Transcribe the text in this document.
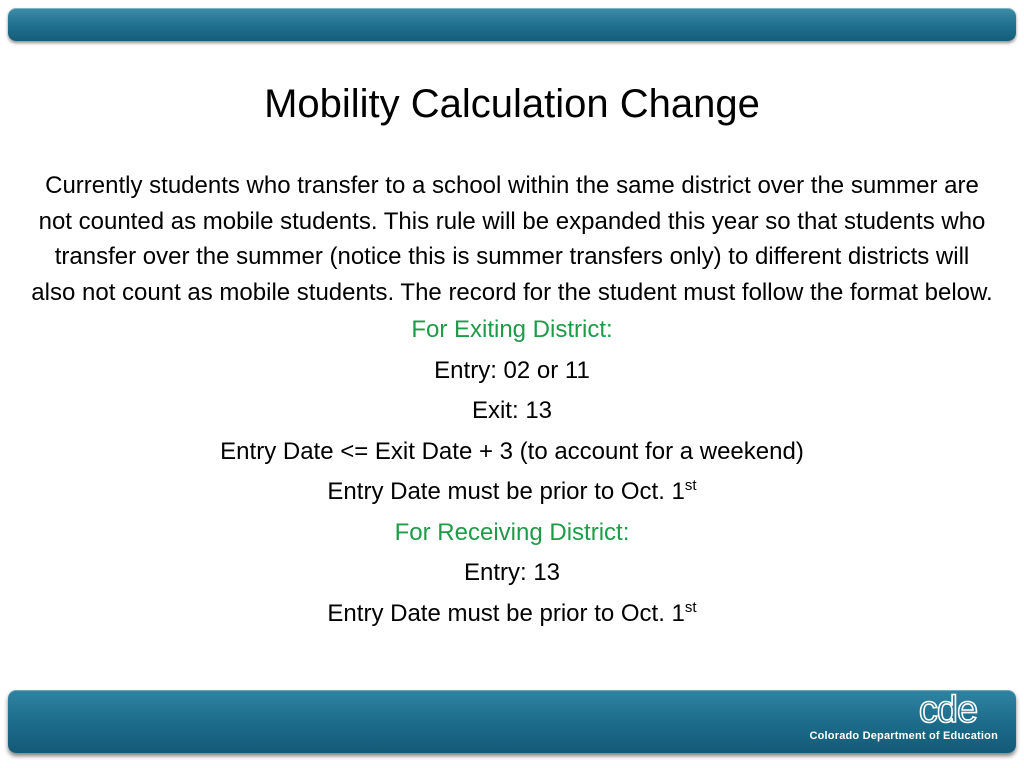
Mobility Calculation Change

Currently students who transfer to a school within the same district over the summer are not counted as mobile students. This rule will be expanded this year so that students who transfer over the summer (notice this is summer transfers only) to different districts will also not count as mobile students. The record for the student must follow the format below.

For Exiting District:

Entry: 02 or 11

Exit: 13

Entry Date <= Exit Date + 3 (to account for a weekend)

Entry Date must be prior to Oct. 1st

For Receiving District:

Entry: 13

Entry Date must be prior to Oct. 1st

cde
Colorado Department of Education
